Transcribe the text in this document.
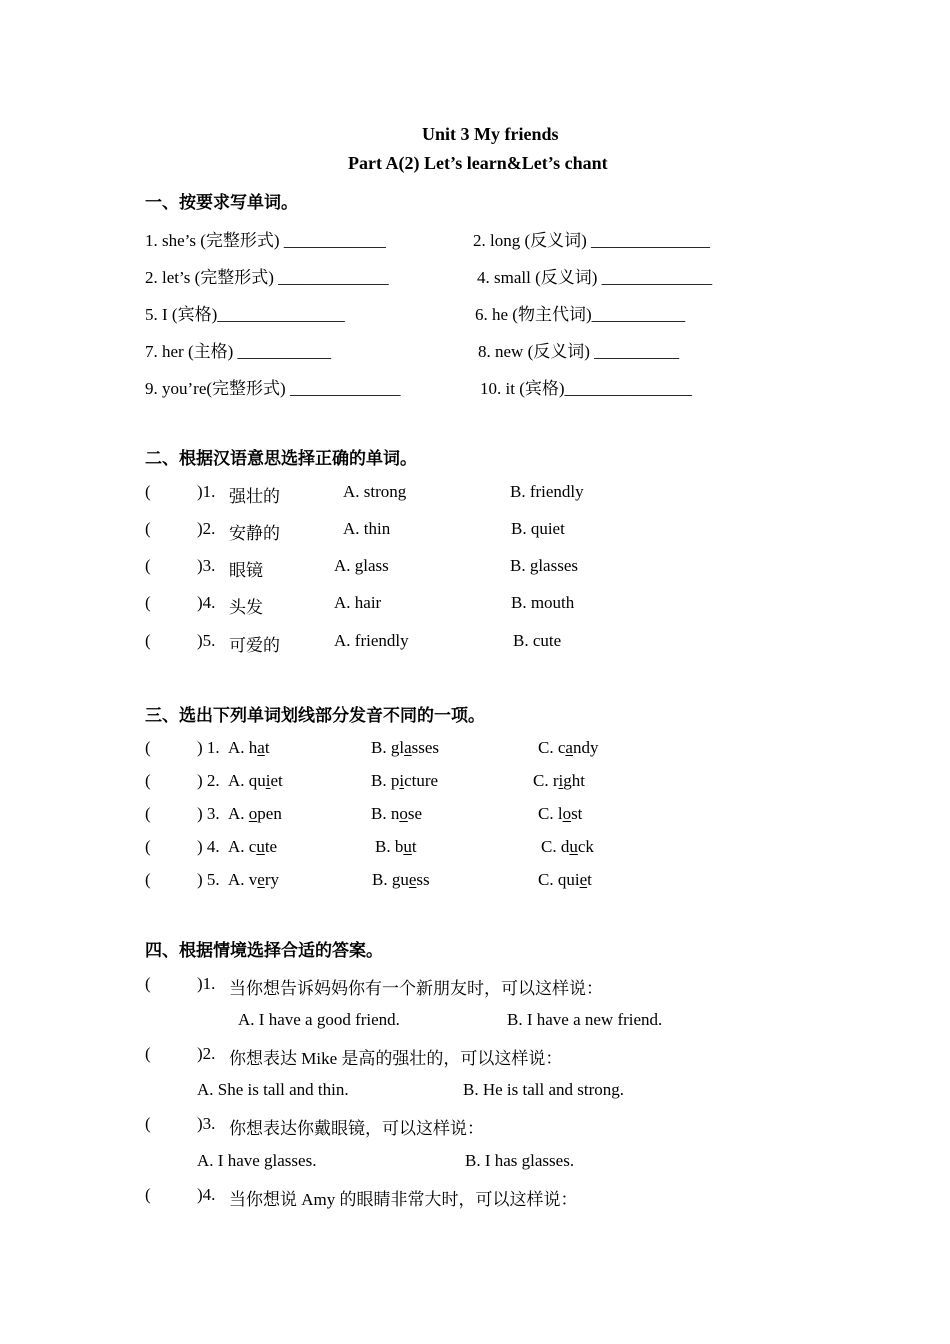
Unit 3 My friends
Part A(2) Let’s learn&Let’s chant
一、按要求写单词。
1. she’s (完整形式) ____________	2. long (反义词) ______________
2. let’s (完整形式) _____________	4. small (反义词) _____________
5. I (宾格)_______________	6. he (物主代词)___________
7. her (主格) ___________	8. new (反义词) __________
9. you’re(完整形式) _____________	10. it (宾格)_______________
二、根据汉语意思选择正确的单词。
(	)1. 强壮的	A. strong	B. friendly
(	)2. 安静的	A. thin	B. quiet
(	)3. 眼镜	A. glass	B. glasses
(	)4. 头发	A. hair	B. mouth
(	)5. 可爱的	A. friendly	B. cute
三、选出下列单词划线部分发音不同的一项。
(	) 1. A. hat	B. glasses	C. candy
(	) 2. A. quiet	B. picture	C. right
(	) 3. A. open	B. nose	C. lost
(	) 4. A. cute	B. but	C. duck
(	) 5. A. very	B. guess	C. quiet
四、根据情境选择合适的答案。
(	)1. 当你想告诉妈妈你有一个新朋友时，可以这样说：
A. I have a good friend.	B. I have a new friend.
(	)2. 你想表达 Mike 是高的强壮的，可以这样说：
A. She is tall and thin.	B. He is tall and strong.
(	)3. 你想表达你戴眼镜，可以这样说：
A. I have glasses.	B. I has glasses.
(	)4. 当你想说 Amy 的眼睛非常大时，可以这样说：
